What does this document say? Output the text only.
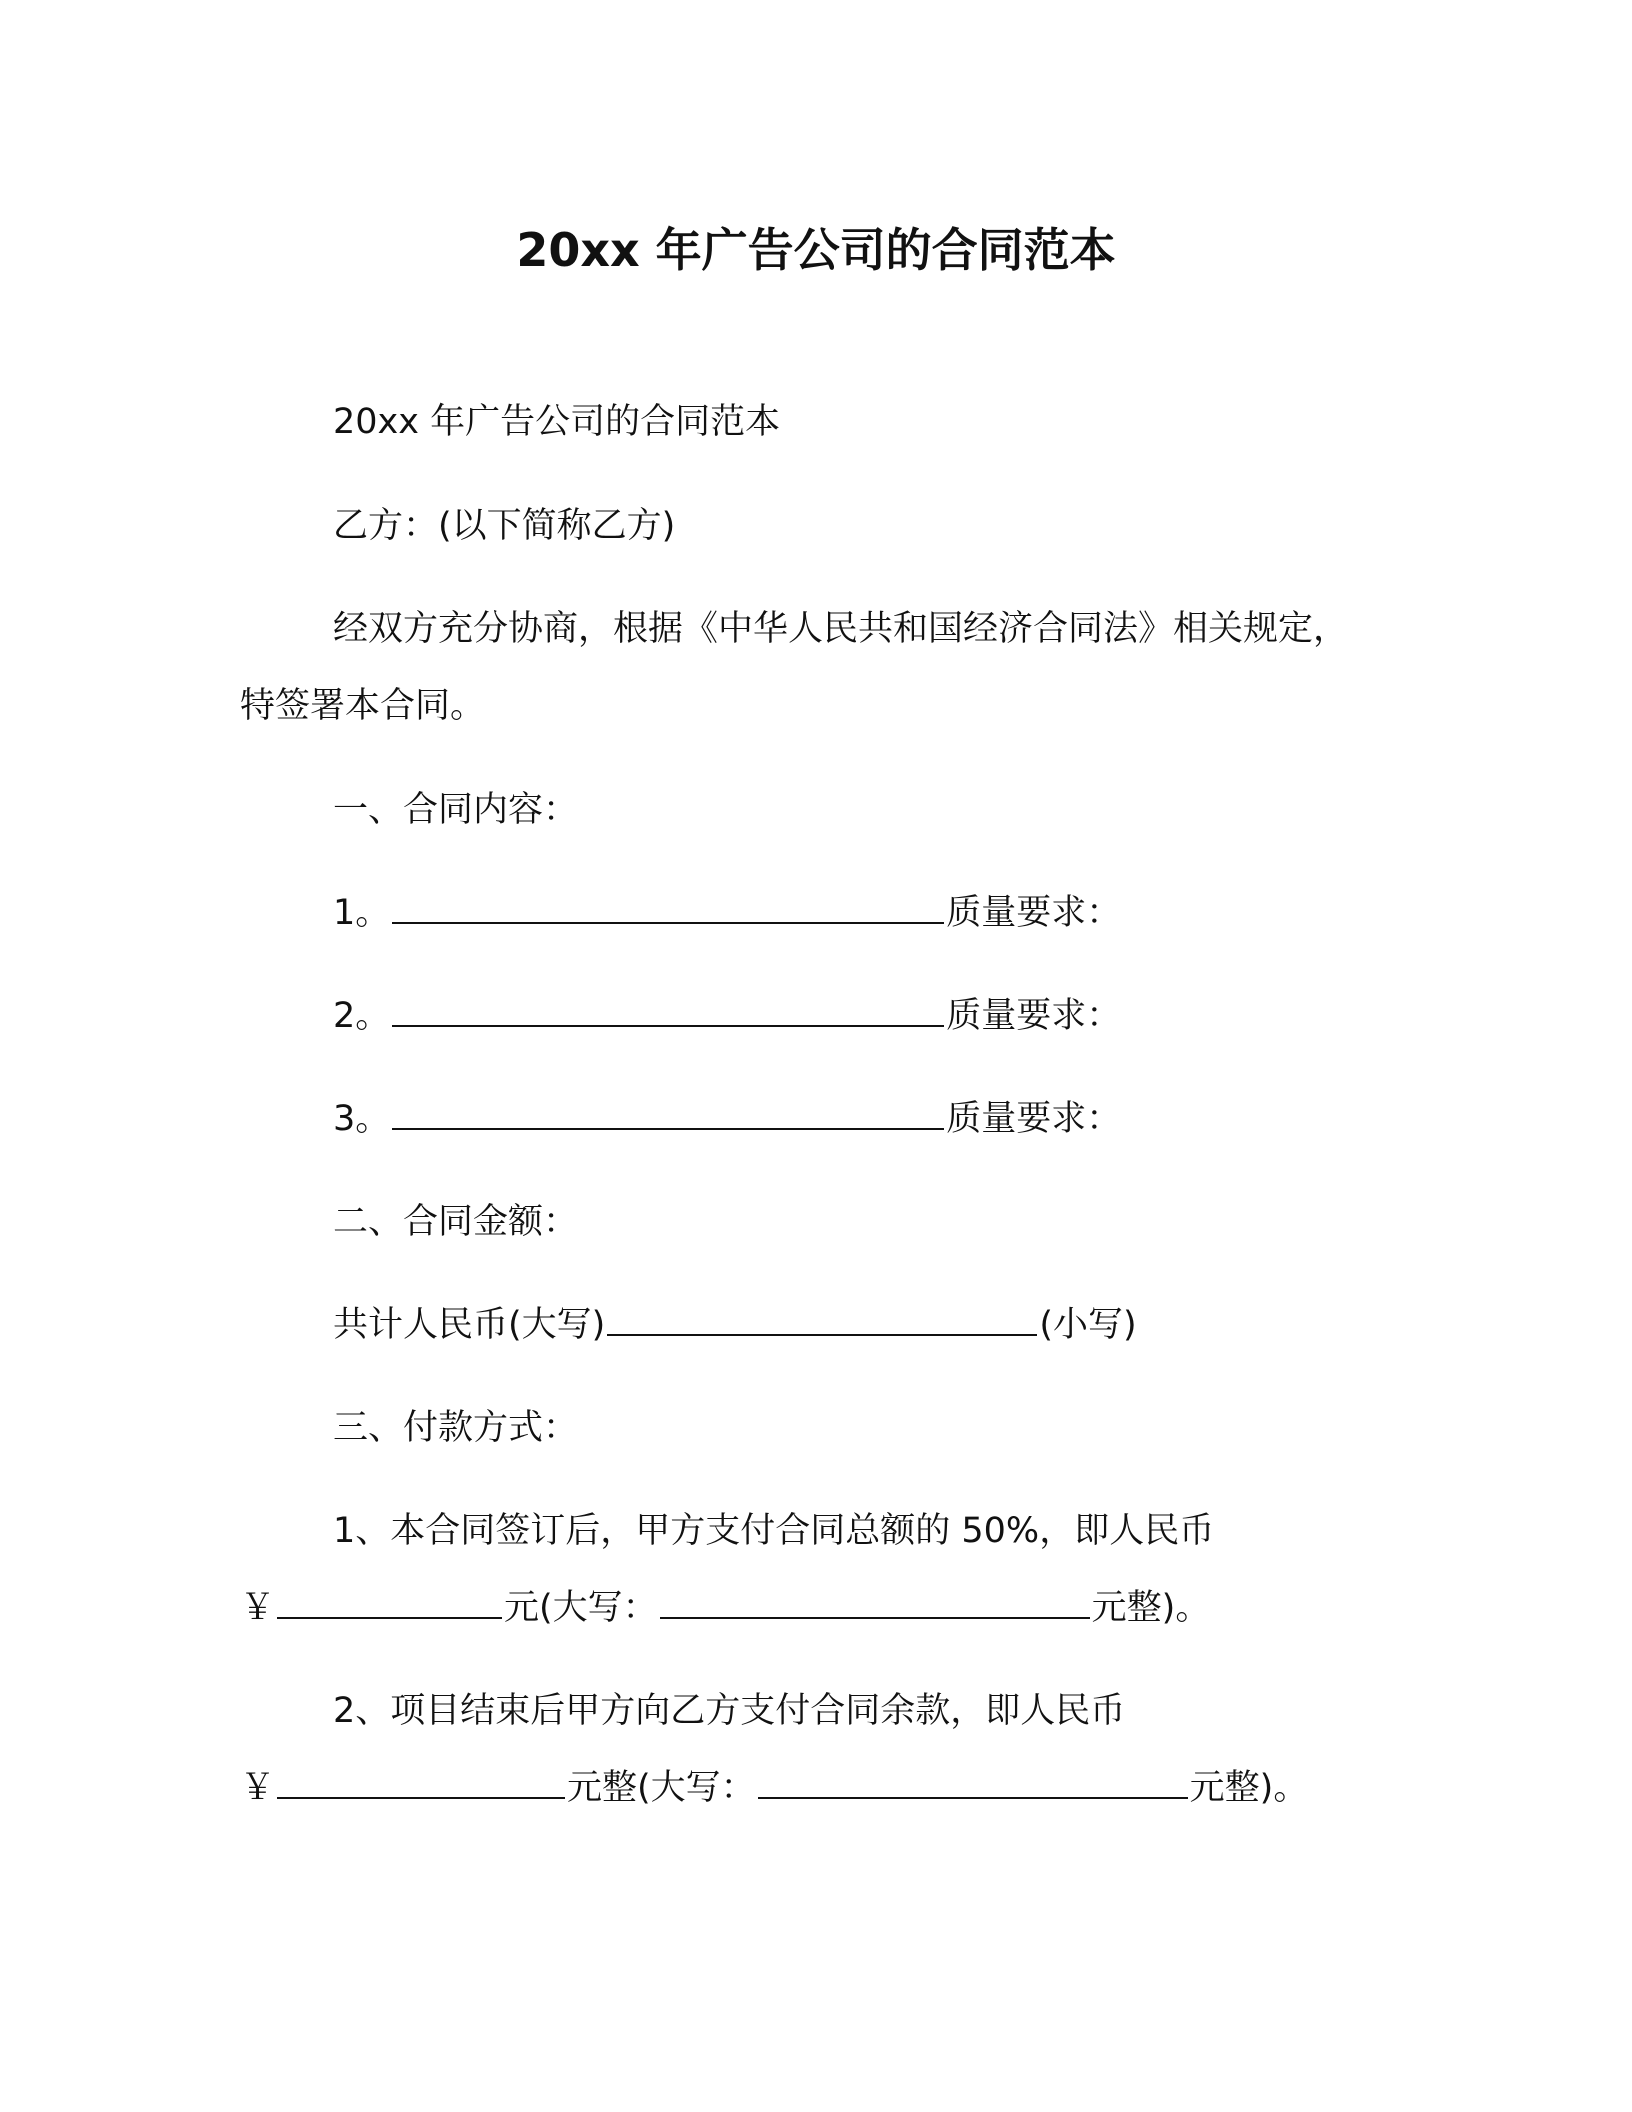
20xx 年广告公司的合同范本
20xx 年广告公司的合同范本
乙方：(以下简称乙方)
经双方充分协商，根据《中华人民共和国经济合同法》相关规定，
特签署本合同。
一、合同内容：
1。	质量要求：
2。	质量要求：
3。	质量要求：
二、合同金额：
共计人民币(大写)	(小写)
三、付款方式：
1、本合同签订后，甲方支付合同总额的 50%，即人民币
￥	元(大写：	元整)。
2、项目结束后甲方向乙方支付合同余款，即人民币
￥	元整(大写：	元整)。
